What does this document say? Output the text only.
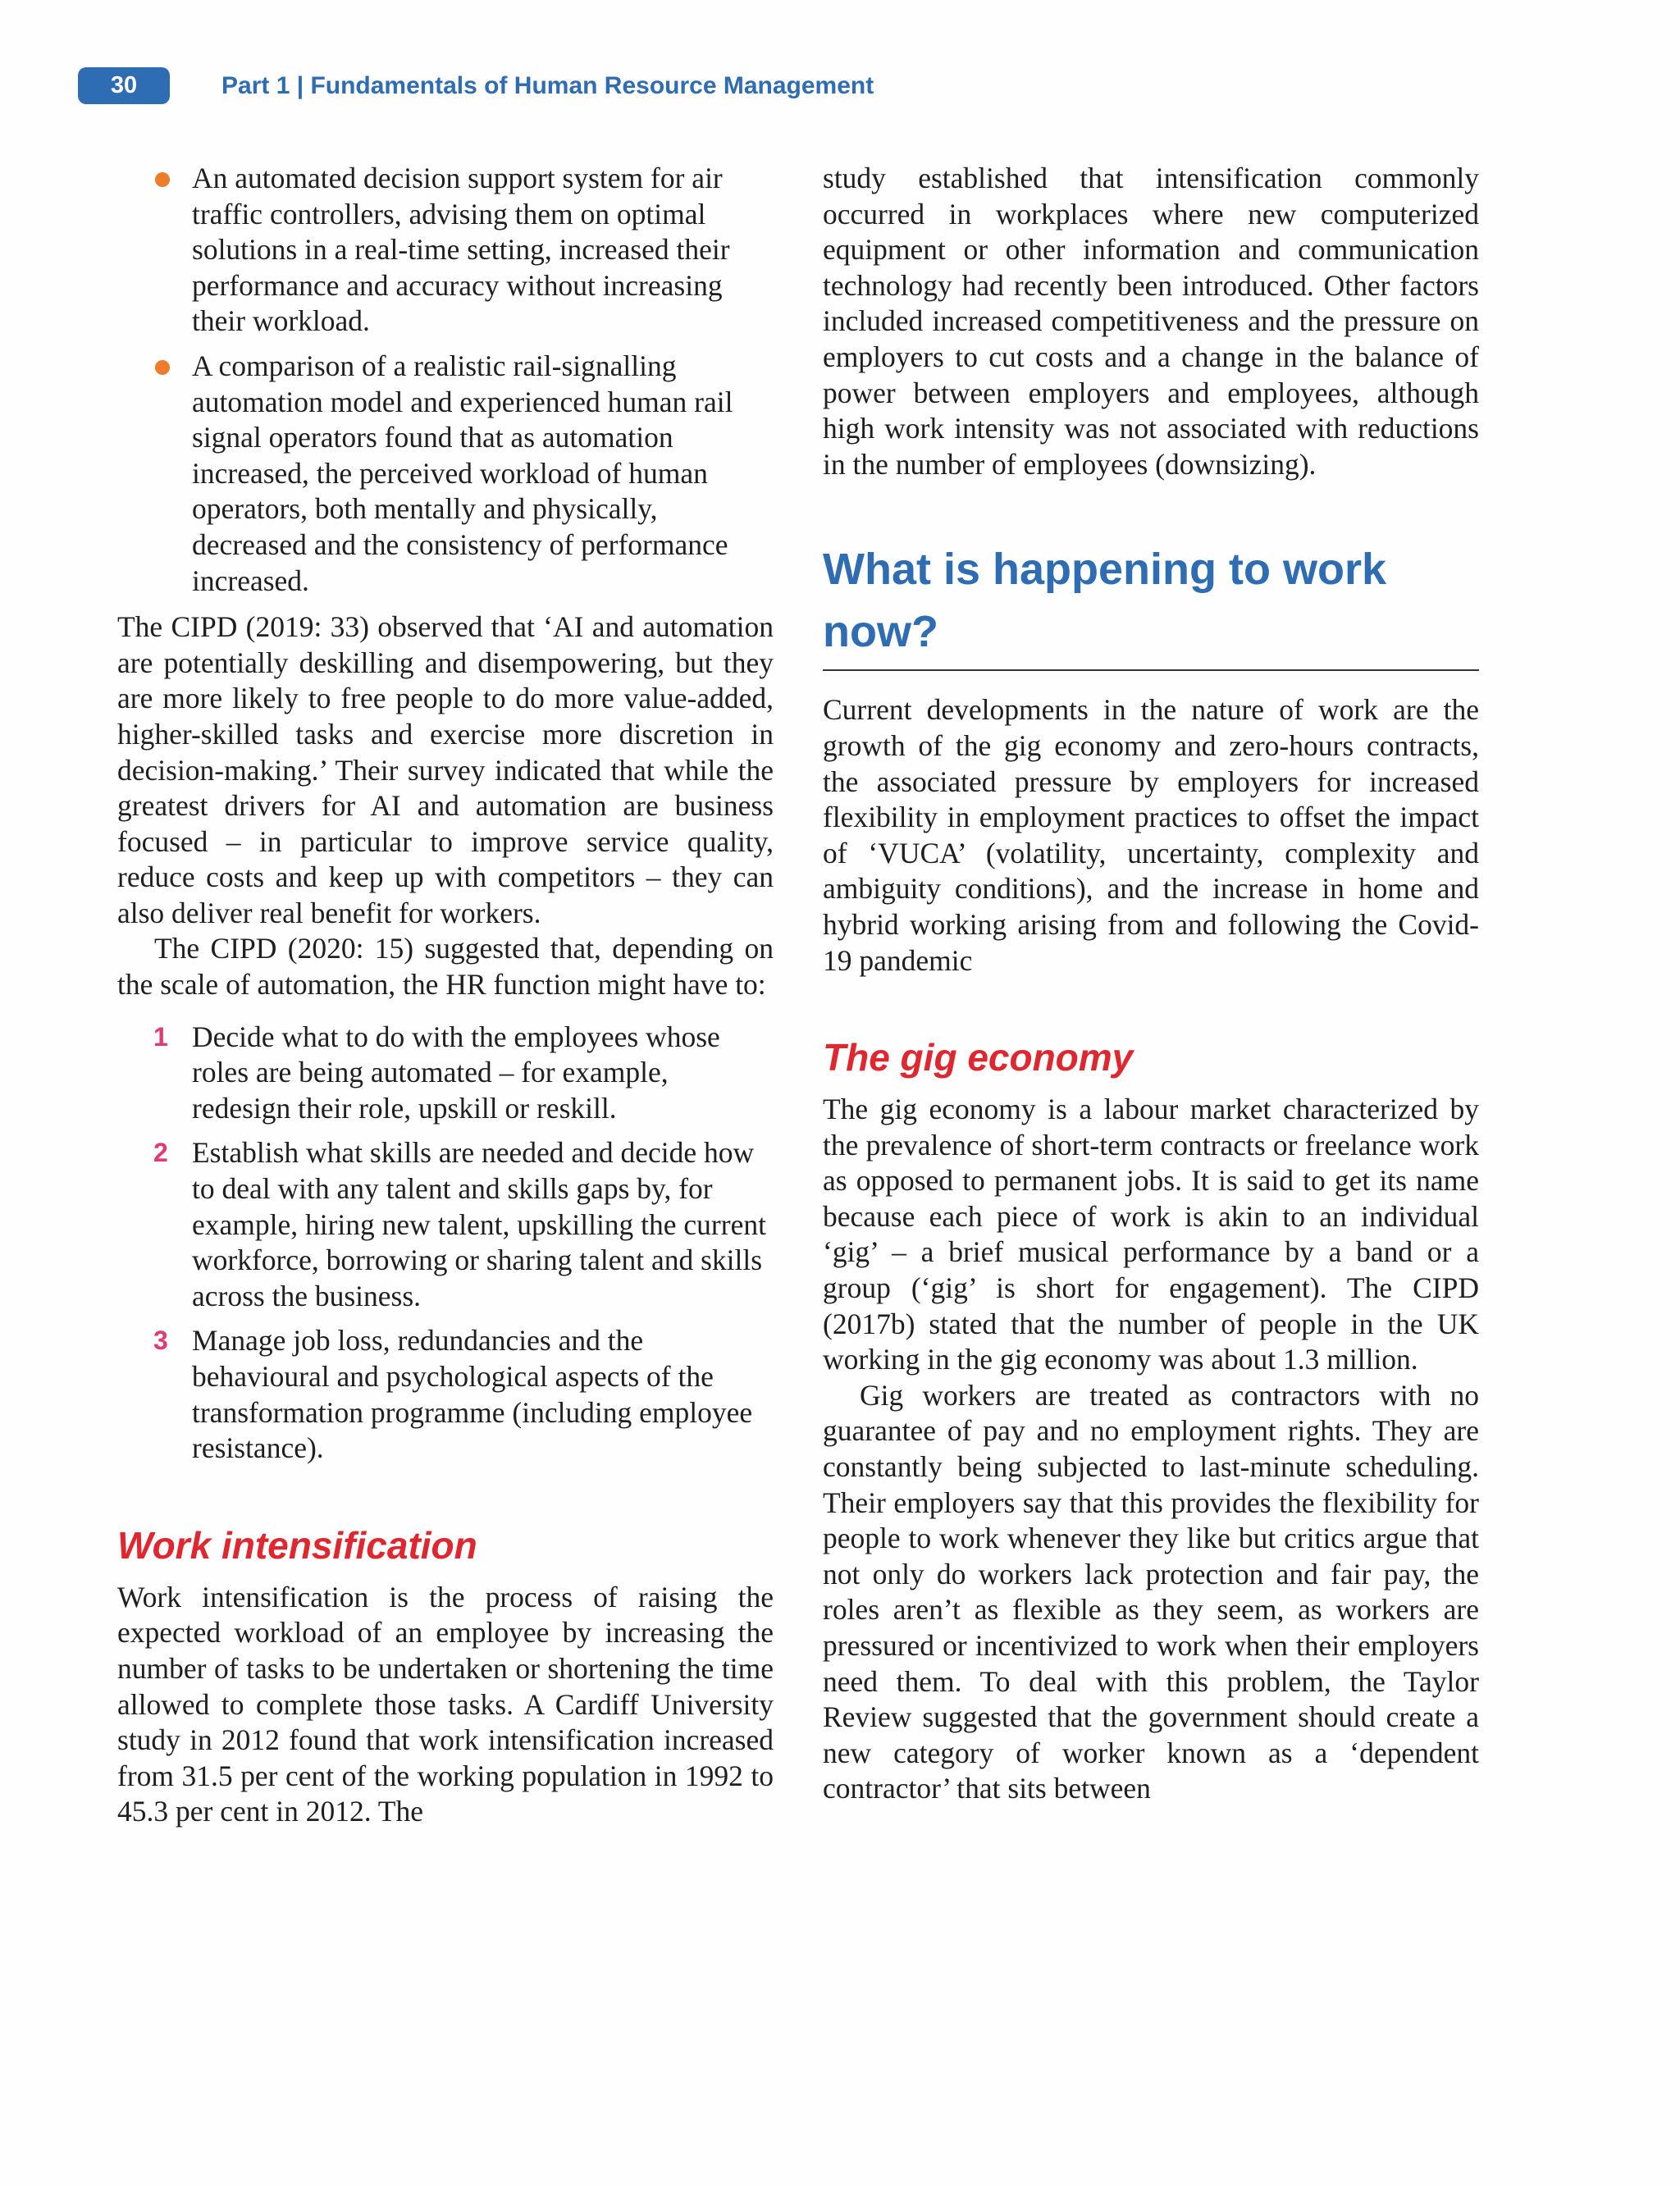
30	Part 1 | Fundamentals of Human Resource Management

An automated decision support system for air traffic controllers, advising them on optimal solutions in a real-time setting, increased their performance and accuracy without increasing their workload.

A comparison of a realistic rail-signalling automation model and experienced human rail signal operators found that as automation increased, the perceived workload of human operators, both mentally and physically, decreased and the consistency of performance increased.

The CIPD (2019: 33) observed that ‘AI and automation are potentially deskilling and disempowering, but they are more likely to free people to do more value-added, higher-skilled tasks and exercise more discretion in decision-making.’ Their survey indicated that while the greatest drivers for AI and automation are business focused – in particular to improve service quality, reduce costs and keep up with competitors – they can also deliver real benefit for workers.

The CIPD (2020: 15) suggested that, depending on the scale of automation, the HR function might have to:

1 Decide what to do with the employees whose roles are being automated – for example, redesign their role, upskill or reskill.

2 Establish what skills are needed and decide how to deal with any talent and skills gaps by, for example, hiring new talent, upskilling the current workforce, borrowing or sharing talent and skills across the business.

3 Manage job loss, redundancies and the behavioural and psychological aspects of the transformation programme (including employee resistance).

Work intensification

Work intensification is the process of raising the expected workload of an employee by increasing the number of tasks to be undertaken or shortening the time allowed to complete those tasks. A Cardiff University study in 2012 found that work intensification increased from 31.5 per cent of the working population in 1992 to 45.3 per cent in 2012. The

study established that intensification commonly occurred in workplaces where new computerized equipment or other information and communication technology had recently been introduced. Other factors included increased competitiveness and the pressure on employers to cut costs and a change in the balance of power between employers and employees, although high work intensity was not associated with reductions in the number of employees (downsizing).

What is happening to work now?

Current developments in the nature of work are the growth of the gig economy and zero-hours contracts, the associated pressure by employers for increased flexibility in employment practices to offset the impact of ‘VUCA’ (volatility, uncertainty, complexity and ambiguity conditions), and the increase in home and hybrid working arising from and following the Covid-19 pandemic

The gig economy

The gig economy is a labour market characterized by the prevalence of short-term contracts or freelance work as opposed to permanent jobs. It is said to get its name because each piece of work is akin to an individual ‘gig’ – a brief musical performance by a band or a group (‘gig’ is short for engagement). The CIPD (2017b) stated that the number of people in the UK working in the gig economy was about 1.3 million.

Gig workers are treated as contractors with no guarantee of pay and no employment rights. They are constantly being subjected to last-minute scheduling. Their employers say that this provides the flexibility for people to work whenever they like but critics argue that not only do workers lack protection and fair pay, the roles aren’t as flexible as they seem, as workers are pressured or incentivized to work when their employers need them. To deal with this problem, the Taylor Review suggested that the government should create a new category of worker known as a ‘dependent contractor’ that sits between
